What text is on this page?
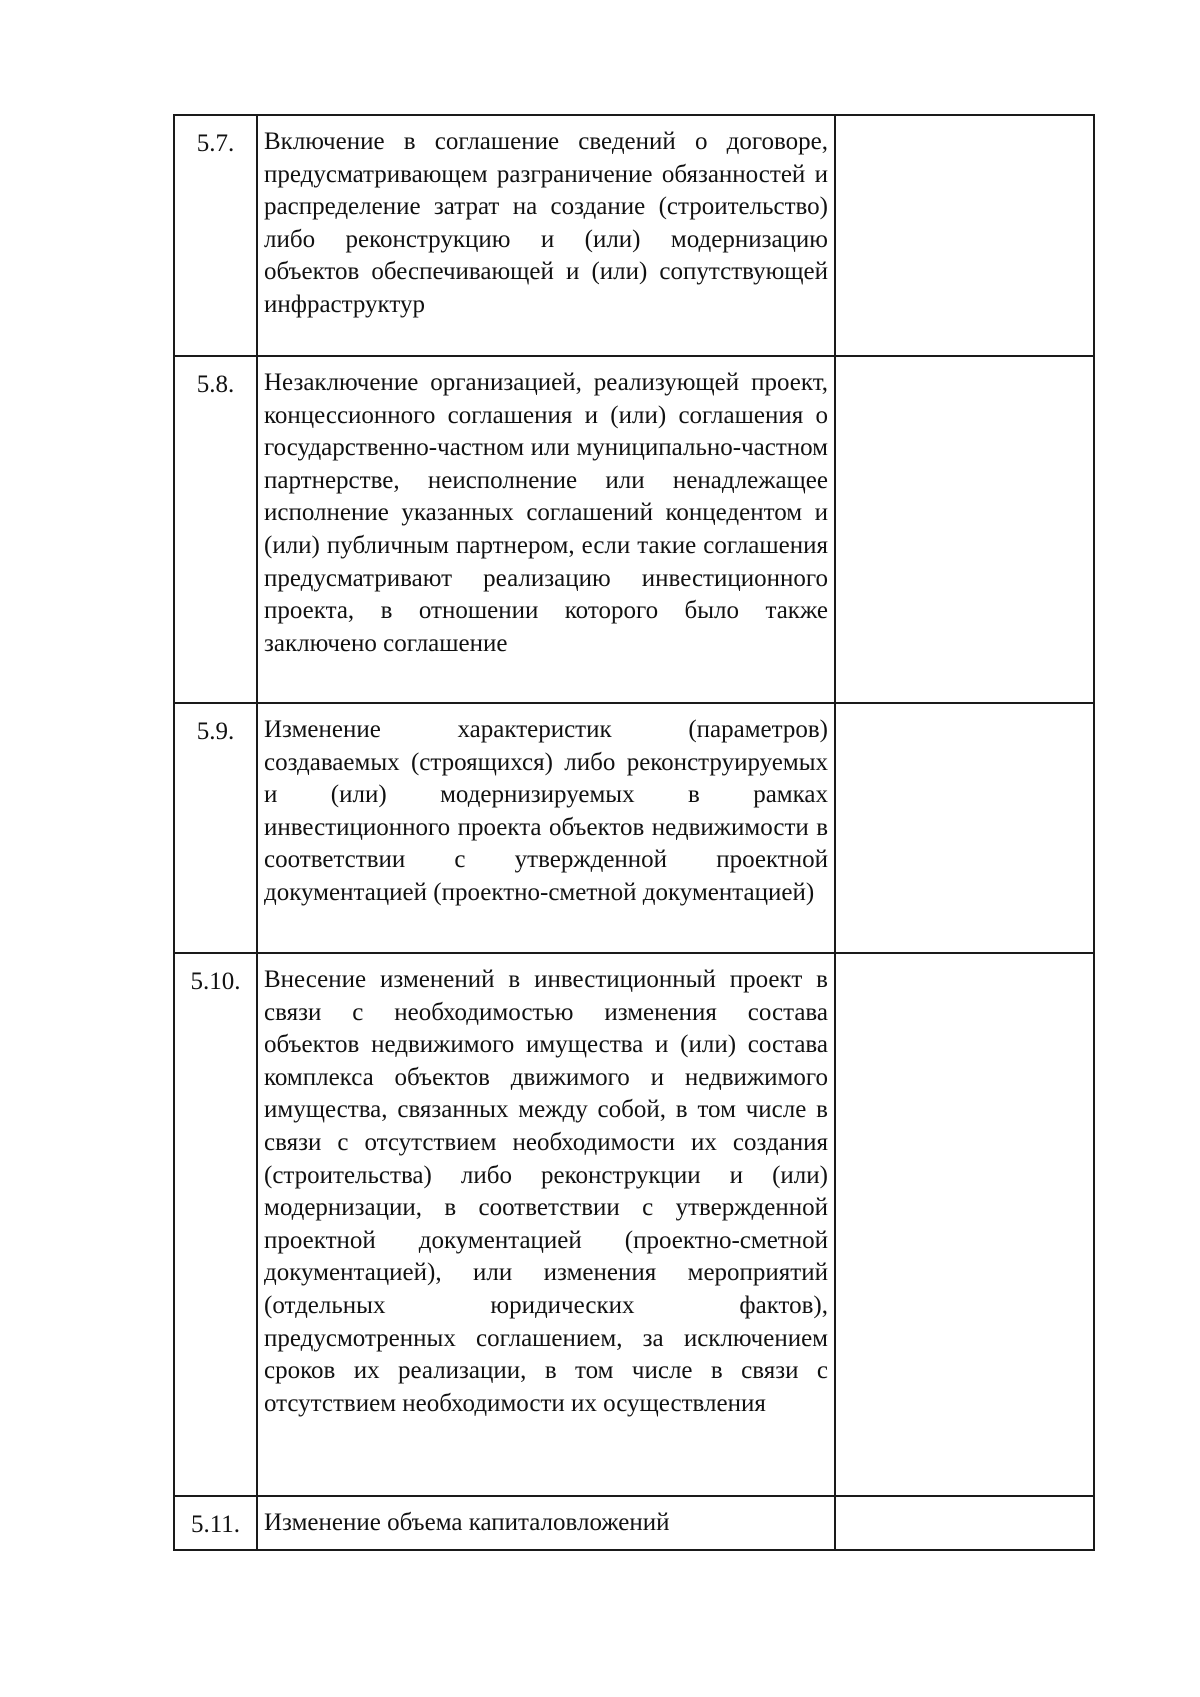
5.7.	Включение в соглашение сведений о договоре, предусматривающем разграничение обязанностей и распределение затрат на создание (строительство) либо реконструкцию и (или) модернизацию объектов обеспечивающей и (или) сопутствующей инфраструктур	

5.8.	Незаключение организацией, реализующей проект, концессионного соглашения и (или) соглашения о государственно-частном или муниципально-частном партнерстве, неисполнение или ненадлежащее исполнение указанных соглашений концедентом и (или) публичным партнером, если такие соглашения предусматривают реализацию инвестиционного проекта, в отношении которого было также заключено соглашение	

5.9.	Изменение характеристик (параметров) создаваемых (строящихся) либо реконструируемых и (или) модернизируемых в рамках инвестиционного проекта объектов недвижимости в соответствии с утвержденной проектной документацией (проектно-сметной документацией)	

5.10.	Внесение изменений в инвестиционный проект в связи с необходимостью изменения состава объектов недвижимого имущества и (или) состава комплекса объектов движимого и недвижимого имущества, связанных между собой, в том числе в связи с отсутствием необходимости их создания (строительства) либо реконструкции и (или) модернизации, в соответствии с утвержденной проектной документацией (проектно-сметной документацией), или изменения мероприятий (отдельных юридических фактов), предусмотренных соглашением, за исключением сроков их реализации, в том числе в связи с отсутствием необходимости их осуществления	

5.11.	Изменение объема капиталовложений	
